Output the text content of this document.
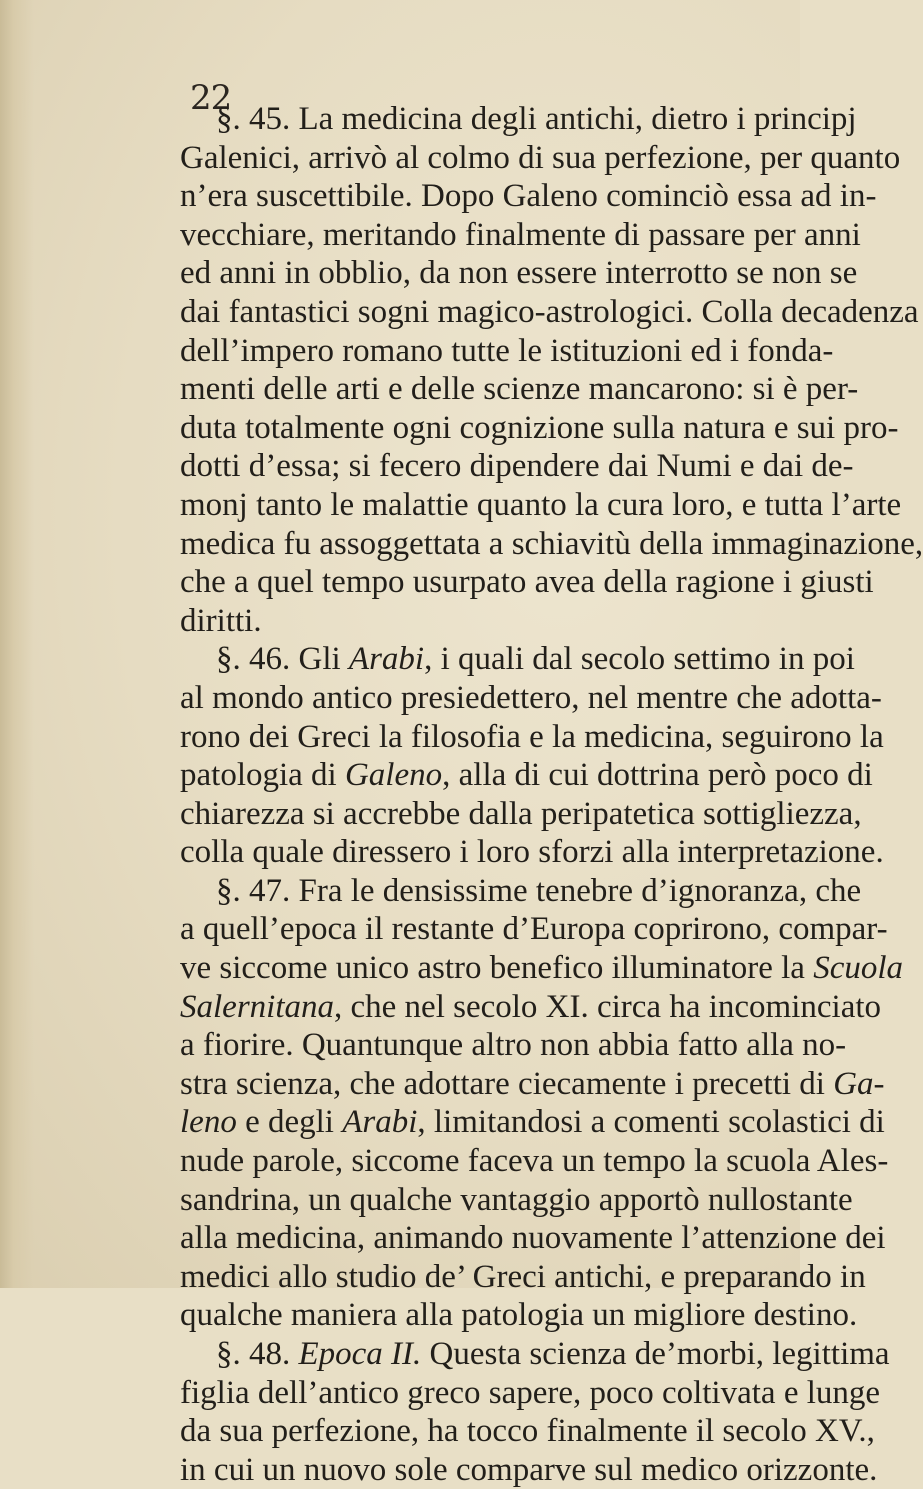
22
§. 45. La medicina degli antichi, dietro i principj
Galenici, arrivò al colmo di sua perfezione, per quanto
n’era suscettibile. Dopo Galeno cominciò essa ad in-
vecchiare, meritando finalmente di passare per anni
ed anni in obblio, da non essere interrotto se non se
dai fantastici sogni magico-astrologici. Colla decadenza
dell’impero romano tutte le istituzioni ed i fonda-
menti delle arti e delle scienze mancarono: si è per-
duta totalmente ogni cognizione sulla natura e sui pro-
dotti d’essa; si fecero dipendere dai Numi e dai de-
monj tanto le malattie quanto la cura loro, e tutta l’arte
medica fu assoggettata a schiavitù della immaginazione,
che a quel tempo usurpato avea della ragione i giusti
diritti.
§. 46. Gli Arabi, i quali dal secolo settimo in poi
al mondo antico presiedettero, nel mentre che adotta-
rono dei Greci la filosofia e la medicina, seguirono la
patologia di Galeno, alla di cui dottrina però poco di
chiarezza si accrebbe dalla peripatetica sottigliezza,
colla quale diressero i loro sforzi alla interpretazione.
§. 47. Fra le densissime tenebre d’ignoranza, che
a quell’epoca il restante d’Europa coprirono, compar-
ve siccome unico astro benefico illuminatore la Scuola
Salernitana, che nel secolo XI. circa ha incominciato
a fiorire. Quantunque altro non abbia fatto alla no-
stra scienza, che adottare ciecamente i precetti di Ga-
leno e degli Arabi, limitandosi a comenti scolastici di
nude parole, siccome faceva un tempo la scuola Ales-
sandrina, un qualche vantaggio apportò nullostante
alla medicina, animando nuovamente l’attenzione dei
medici allo studio de’ Greci antichi, e preparando in
qualche maniera alla patologia un migliore destino.
§. 48. Epoca II. Questa scienza de’morbi, legittima
figlia dell’antico greco sapere, poco coltivata e lunge
da sua perfezione, ha tocco finalmente il secolo XV.,
in cui un nuovo sole comparve sul medico orizzonte.
